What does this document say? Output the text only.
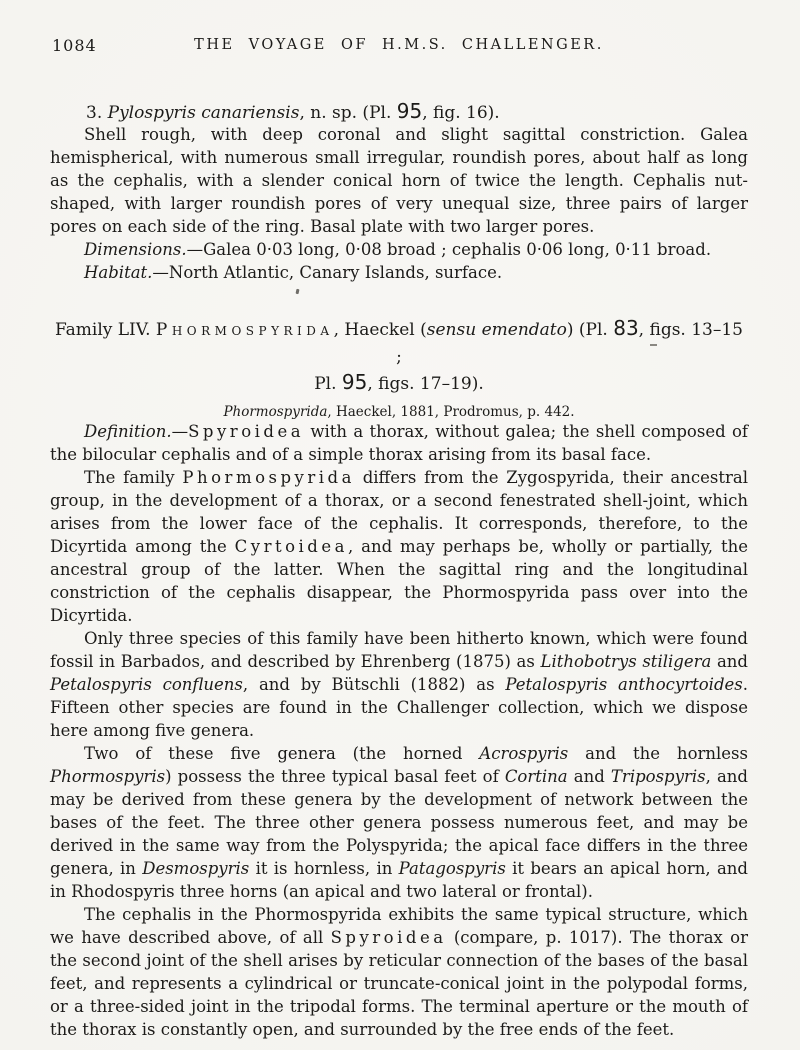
1084	THE VOYAGE OF H.M.S. CHALLENGER.
3. Pylospyris canariensis, n. sp. (Pl. 95, fig. 16).

Shell rough, with deep coronal and slight sagittal constriction. Galea hemispherical, with numerous small irregular, roundish pores, about half as long as the cephalis, with a slender conical horn of twice the length. Cephalis nut-shaped, with larger roundish pores of very unequal size, three pairs of larger pores on each side of the ring. Basal plate with two larger pores.

Dimensions.—Galea 0·03 long, 0·08 broad ; cephalis 0·06 long, 0·11 broad.

Habitat.—North Atlantic, Canary Islands, surface.

Family LIV. Phormospyrida, Haeckel (sensu emendato) (Pl. 83, figs. 13–15 ;
Pl. 95, figs. 17–19).
Phormospyrida, Haeckel, 1881, Prodromus, p. 442.

Definition.—Spyroidea with a thorax, without galea; the shell composed of the bilocular cephalis and of a simple thorax arising from its basal face.

The family Phormospyrida differs from the Zygospyrida, their ancestral group, in the development of a thorax, or a second fenestrated shell-joint, which arises from the lower face of the cephalis. It corresponds, therefore, to the Dicyrtida among the Cyrtoidea, and may perhaps be, wholly or partially, the ancestral group of the latter. When the sagittal ring and the longitudinal constriction of the cephalis disappear, the Phormospyrida pass over into the Dicyrtida.

Only three species of this family have been hitherto known, which were found fossil in Barbados, and described by Ehrenberg (1875) as Lithobotrys stiligera and Petalospyris confluens, and by Bütschli (1882) as Petalospyris anthocyrtoides. Fifteen other species are found in the Challenger collection, which we dispose here among five genera.

Two of these five genera (the horned Acrospyris and the hornless Phormospyris) possess the three typical basal feet of Cortina and Tripospyris, and may be derived from these genera by the development of network between the bases of the feet. The three other genera possess numerous feet, and may be derived in the same way from the Polyspyrida; the apical face differs in the three genera, in Desmospyris it is hornless, in Patagospyris it bears an apical horn, and in Rhodospyris three horns (an apical and two lateral or frontal).

The cephalis in the Phormospyrida exhibits the same typical structure, which we have described above, of all Spyroidea (compare, p. 1017). The thorax or the second joint of the shell arises by reticular connection of the bases of the basal feet, and represents a cylindrical or truncate-conical joint in the polypodal forms, or a three-sided joint in the tripodal forms. The terminal aperture or the mouth of the thorax is constantly open, and surrounded by the free ends of the feet.
